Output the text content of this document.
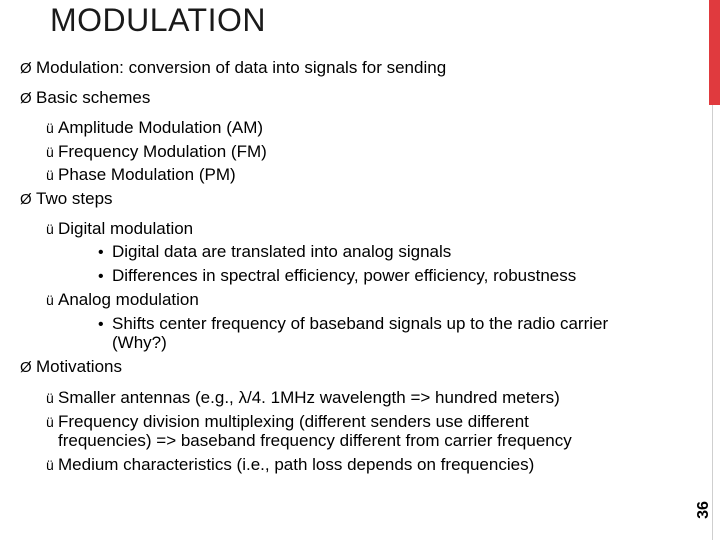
MODULATION
36
Ø Modulation: conversion of data into signals for sending
Ø Basic schemes
ü Amplitude Modulation (AM)
ü Frequency Modulation (FM)
ü Phase Modulation (PM)
Ø Two steps
ü Digital modulation
• Digital data are translated into analog signals
• Differences in spectral efficiency, power efficiency, robustness
ü Analog modulation
• Shifts center frequency of baseband signals up to the radio carrier
(Why?)
Ø Motivations
ü Smaller antennas (e.g., λ/4. 1MHz wavelength => hundred meters)
ü Frequency division multiplexing (different senders use different
frequencies) => baseband frequency different from carrier frequency
ü Medium characteristics (i.e., path loss depends on frequencies)
